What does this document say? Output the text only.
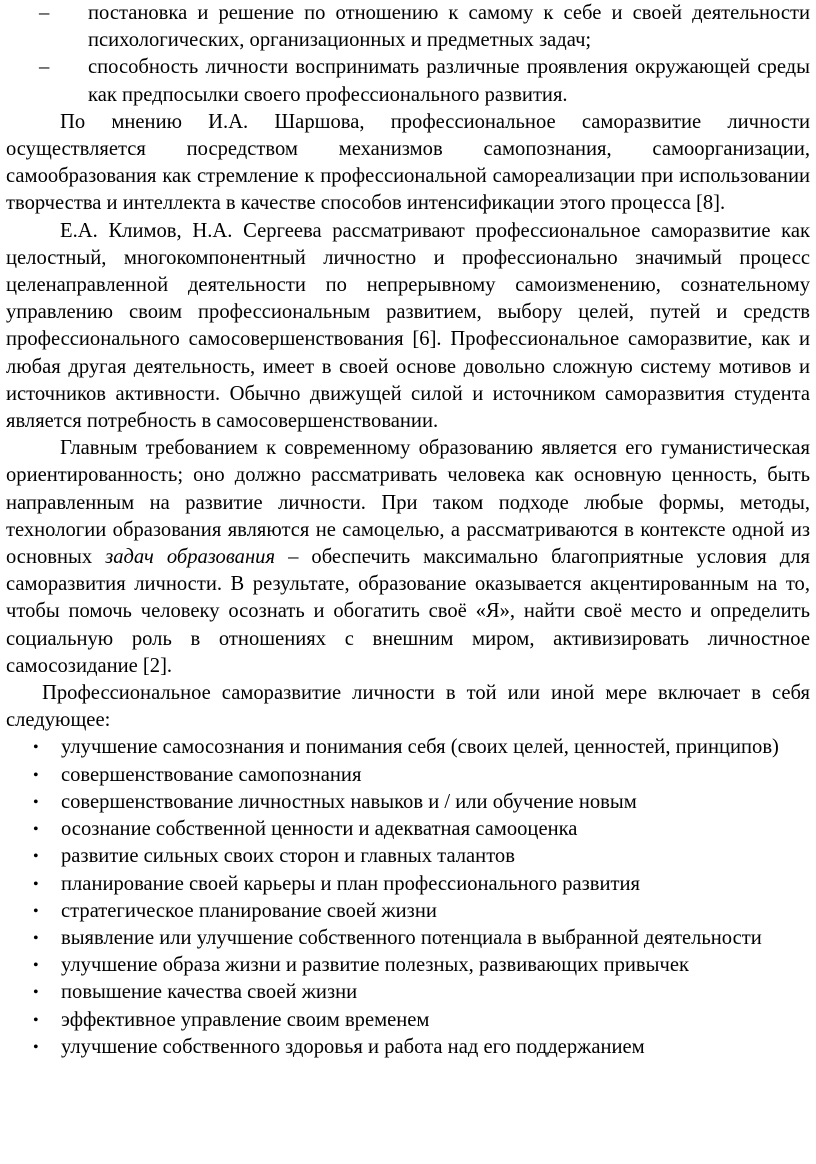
– постановка и решение по отношению к самому к себе и своей деятельности психологических, организационных и предметных задач;
– способность личности воспринимать различные проявления окружающей среды как предпосылки своего профессионального развития.

По мнению И.А. Шаршова, профессиональное саморазвитие личности осуществляется посредством механизмов самопознания, самоорганизации, самообразования как стремление к профессиональной самореализации при использовании творчества и интеллекта в качестве способов интенсификации этого процесса [8].

Е.А. Климов, Н.А. Сергеева рассматривают профессиональное саморазвитие как целостный, многокомпонентный личностно и профессионально значимый процесс целенаправленной деятельности по непрерывному самоизменению, сознательному управлению своим профессиональным развитием, выбору целей, путей и средств профессионального самосовершенствования [6]. Профессиональное саморазвитие, как и любая другая деятельность, имеет в своей основе довольно сложную систему мотивов и источников активности. Обычно движущей силой и источником саморазвития студента является потребность в самосовершенствовании.

Главным требованием к современному образованию является его гуманистическая ориентированность; оно должно рассматривать человека как основную ценность, быть направленным на развитие личности. При таком подходе любые формы, методы, технологии образования являются не самоцелью, а рассматриваются в контексте одной из основных задач образования – обеспечить максимально благоприятные условия для саморазвития личности. В результате, образование оказывается акцентированным на то, чтобы помочь человеку осознать и обогатить своё «Я», найти своё место и определить социальную роль в отношениях с внешним миром, активизировать личностное самосозидание [2].

Профессиональное саморазвитие личности в той или иной мере включает в себя следующее:

• улучшение самосознания и понимания себя (своих целей, ценностей, принципов)
• совершенствование самопознания
• совершенствование личностных навыков и / или обучение новым
• осознание собственной ценности и адекватная самооценка
• развитие сильных своих сторон и главных талантов
• планирование своей карьеры и план профессионального развития
• стратегическое планирование своей жизни
• выявление или улучшение собственного потенциала в выбранной деятельности
• улучшение образа жизни и развитие полезных, развивающих привычек
• повышение качества своей жизни
• эффективное управление своим временем
• улучшение собственного здоровья и работа над его поддержанием
